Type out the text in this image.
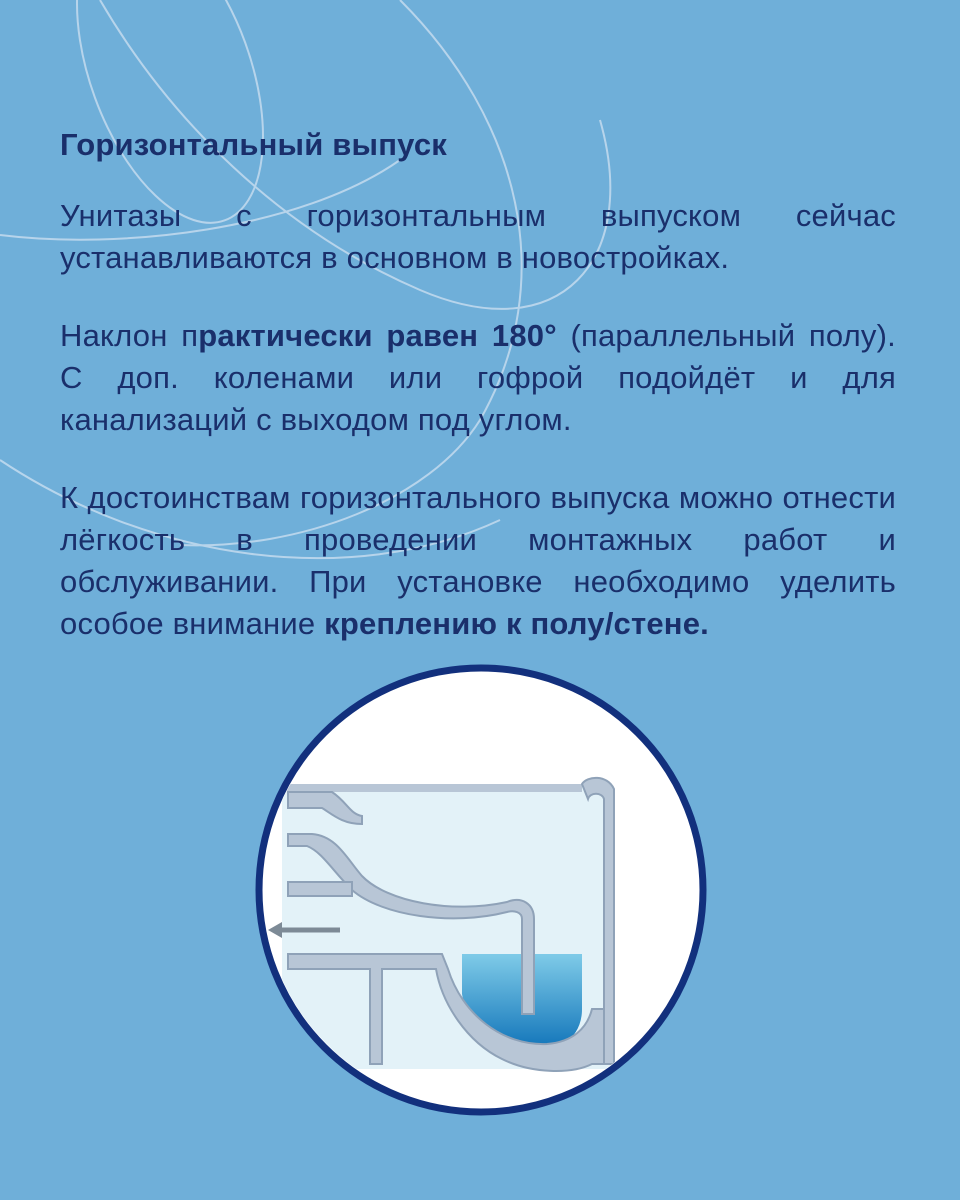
Горизонтальный выпуск
Унитазы с горизонтальным выпуском сейчас устанавливаются в основном в новостройках.
Наклон практически равен 180° (параллельный полу). С доп. коленами или гофрой подойдёт и для канализаций с выходом под углом.
К достоинствам горизонтального выпуска можно отнести лёгкость в проведении монтажных работ и обслуживании. При установке необходимо уделить особое внимание креплению к полу/стене.
